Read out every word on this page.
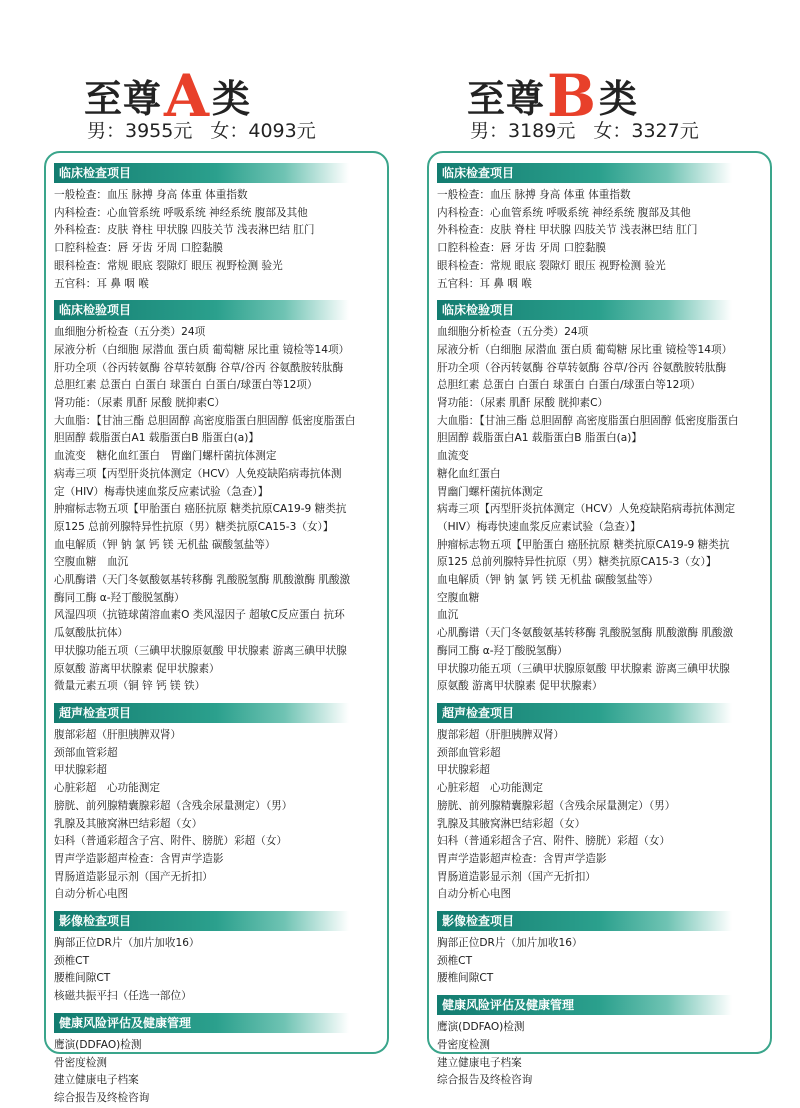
至尊A类
男：3955元 女：4093元
临床检查项目
一般检查：血压 脉搏 身高 体重 体重指数
内科检查：心血管系统 呼吸系统 神经系统 腹部及其他
外科检查：皮肤 脊柱 甲状腺 四肢关节 浅表淋巴结 肛门
口腔科检查：唇 牙齿 牙周 口腔黏膜
眼科检查：常规 眼底 裂隙灯 眼压 视野检测 验光
五官科：耳 鼻 咽 喉
临床检验项目
血细胞分析检查（五分类）24项
尿液分析（白细胞 尿潜血 蛋白质 葡萄糖 尿比重 镜检等14项）
肝功全项（谷丙转氨酶 谷草转氨酶 谷草/谷丙 谷氨酰胺转肽酶
总胆红素 总蛋白 白蛋白 球蛋白 白蛋白/球蛋白等12项）
肾功能：（尿素 肌酐 尿酸 胱抑素C）
大血脂：【甘油三酯 总胆固醇 高密度脂蛋白胆固醇 低密度脂蛋白
胆固醇 载脂蛋白A1 载脂蛋白B 脂蛋白(a)】
血流变　糖化血红蛋白　胃幽门螺杆菌抗体测定
病毒三项【丙型肝炎抗体测定（HCV）人免疫缺陷病毒抗体测
定（HIV）梅毒快速血浆反应素试验（急查）】
肿瘤标志物五项【甲胎蛋白 癌胚抗原 糖类抗原CA19-9 糖类抗
原125 总前列腺特异性抗原（男）糖类抗原CA15-3（女）】
血电解质（钾 钠 氯 钙 镁 无机盐 碳酸氢盐等）
空腹血糖　血沉
心肌酶谱（天门冬氨酸氨基转移酶 乳酸脱氢酶 肌酸激酶 肌酸激
酶同工酶 α-羟丁酸脱氢酶）
风湿四项（抗链球菌溶血素O 类风湿因子 超敏C反应蛋白 抗环
瓜氨酸肽抗体）
甲状腺功能五项（三碘甲状腺原氨酸 甲状腺素 游离三碘甲状腺
原氨酸 游离甲状腺素 促甲状腺素）
微量元素五项（铜 锌 钙 镁 铁）
超声检查项目
腹部彩超（肝胆胰脾双肾）
颈部血管彩超
甲状腺彩超
心脏彩超　心功能测定
膀胱、前列腺精囊腺彩超（含残余尿量测定）（男）
乳腺及其腋窝淋巴结彩超（女）
妇科（普通彩超含子宫、附件、膀胱）彩超（女）
胃声学造影超声检查：含胃声学造影
胃肠道造影显示剂（国产无折扣）
自动分析心电图
影像检查项目
胸部正位DR片（加片加收16）
颈椎CT
腰椎间隙CT
核磁共振平扫（任选一部位）
健康风险评估及健康管理
鹰演(DDFAO)检测
骨密度检测
建立健康电子档案
综合报告及终检咨询
至尊B类
男：3189元 女：3327元
临床检查项目
一般检查：血压 脉搏 身高 体重 体重指数
内科检查：心血管系统 呼吸系统 神经系统 腹部及其他
外科检查：皮肤 脊柱 甲状腺 四肢关节 浅表淋巴结 肛门
口腔科检查：唇 牙齿 牙周 口腔黏膜
眼科检查：常规 眼底 裂隙灯 眼压 视野检测 验光
五官科：耳 鼻 咽 喉
临床检验项目
血细胞分析检查（五分类）24项
尿液分析（白细胞 尿潜血 蛋白质 葡萄糖 尿比重 镜检等14项）
肝功全项（谷丙转氨酶 谷草转氨酶 谷草/谷丙 谷氨酰胺转肽酶
总胆红素 总蛋白 白蛋白 球蛋白 白蛋白/球蛋白等12项）
肾功能：（尿素 肌酐 尿酸 胱抑素C）
大血脂：【甘油三酯 总胆固醇 高密度脂蛋白胆固醇 低密度脂蛋白
胆固醇 载脂蛋白A1 载脂蛋白B 脂蛋白(a)】
血流变
糖化血红蛋白
胃幽门螺杆菌抗体测定
病毒三项【丙型肝炎抗体测定（HCV）人免疫缺陷病毒抗体测定
（HIV）梅毒快速血浆反应素试验（急查）】
肿瘤标志物五项【甲胎蛋白 癌胚抗原 糖类抗原CA19-9 糖类抗
原125 总前列腺特异性抗原（男）糖类抗原CA15-3（女）】
血电解质（钾 钠 氯 钙 镁 无机盐 碳酸氢盐等）
空腹血糖
血沉
心肌酶谱（天门冬氨酸氨基转移酶 乳酸脱氢酶 肌酸激酶 肌酸激
酶同工酶 α-羟丁酸脱氢酶）
甲状腺功能五项（三碘甲状腺原氨酸 甲状腺素 游离三碘甲状腺
原氨酸 游离甲状腺素 促甲状腺素）
超声检查项目
腹部彩超（肝胆胰脾双肾）
颈部血管彩超
甲状腺彩超
心脏彩超　心功能测定
膀胱、前列腺精囊腺彩超（含残余尿量测定）（男）
乳腺及其腋窝淋巴结彩超（女）
妇科（普通彩超含子宫、附件、膀胱）彩超（女）
胃声学造影超声检查：含胃声学造影
胃肠道造影显示剂（国产无折扣）
自动分析心电图
影像检查项目
胸部正位DR片（加片加收16）
颈椎CT
腰椎间隙CT
健康风险评估及健康管理
鹰演(DDFAO)检测
骨密度检测
建立健康电子档案
综合报告及终检咨询
